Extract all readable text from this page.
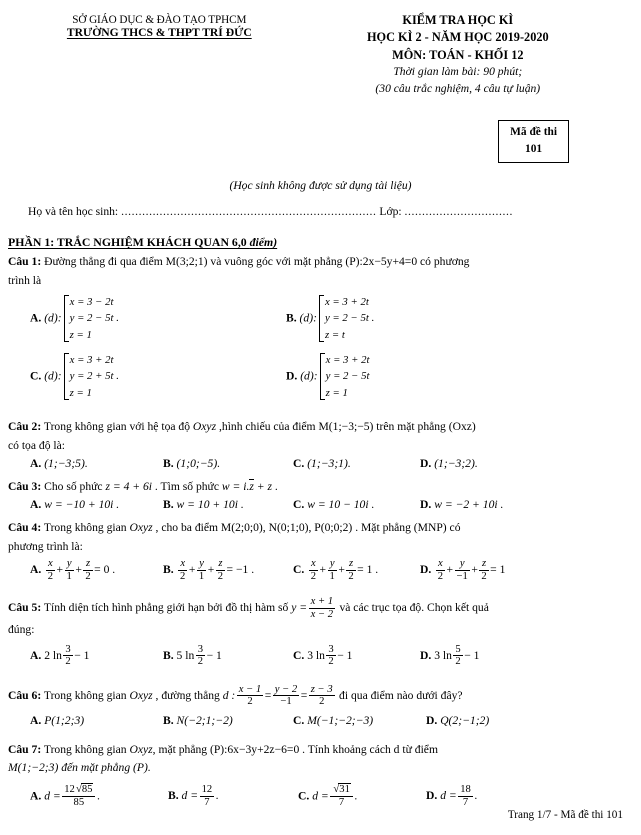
SỞ GIÁO DỤC & ĐÀO TẠO TPHCM
TRƯỜNG THCS & THPT TRÍ ĐỨC
KIỂM TRA HỌC KÌ
HỌC KÌ 2 - NĂM HỌC 2019-2020
MÔN: TOÁN - KHỐI 12
Thời gian làm bài: 90 phút;
(30 câu trắc nghiệm, 4 câu tự luận)
Mã đề thi
101
(Học sinh không được sử dụng tài liệu)
Họ và tên học sinh: ......................................................................... Lớp: ...............................
PHẦN 1: TRẮC NGHIỆM KHÁCH QUAN 6,0 điểm)
Câu 1: Đường thẳng đi qua điểm M(3;2;1) và vuông góc với mặt phẳng (P):2x−5y+4=0 có phương
trình là
A. (d):
x = 3 − 2t
y = 2 − 5t .
z = 1
B. (d):
x = 3 + 2t
y = 2 − 5t .
z = t
C. (d):
x = 3 + 2t
y = 2 + 5t .
z = 1
D. (d):
x = 3 + 2t
y = 2 − 5t
z = 1
Câu 2: Trong không gian với hệ tọa độ Oxyz ,hình chiếu của điểm M(1;−3;−5) trên mặt phẳng (Oxz)
có tọa độ là:
A. (1;−3;5).	B. (1;0;−5).	C. (1;−3;1).	D. (1;−3;2).
Câu 3: Cho số phức z = 4 + 6i . Tìm số phức w = i.z + z .
A. w = −10 + 10i .	B. w = 10 + 10i .	C. w = 10 − 10i .	D. w = −2 + 10i .
Câu 4: Trong không gian Oxyz , cho ba điểm M(2;0;0), N(0;1;0), P(0;0;2) . Mặt phẳng (MNP) có
phương trình là:
A. $\frac{x}{2} + \frac{y}{1} + \frac{z}{2} = 0$ .	B. $\frac{x}{2} + \frac{y}{1} + \frac{z}{2} = -1$ .	C. $\frac{x}{2} + \frac{y}{1} + \frac{z}{2} = 1$ .	D. $\frac{x}{2} + \frac{y}{-1} + \frac{z}{2} = 1$
Câu 5: Tính diện tích hình phẳng giới hạn bởi đồ thị hàm số $y = \frac{x + 1}{x - 2}$ và các trục tọa độ. Chọn kết quả
đúng:
A. 2 $\ln \frac{3}{2} - 1$	B. 5 $\ln \frac{3}{2} - 1$	C. 3 $\ln \frac{3}{2} - 1$	D. 3 $\ln \frac{5}{2} - 1$
Câu 6: Trong không gian Oxyz , đường thẳng d : $\frac{x - 1}{2} = \frac{y - 2}{-1} = \frac{z - 3}{2}$ đi qua điểm nào dưới đây?
A. P(1;2;3)	B. N(−2;1;−2)	C. M(−1;−2;−3)	D. Q(2;−1;2)
Câu 7: Trong không gian Oxyz, mặt phẳng (P):6x−3y+2z−6=0 . Tính khoảng cách d từ điểm
M(1;−2;3) đến mặt phẳng (P).
A. $d = \frac{12√85}{85}$ .	B. $d = \frac{12}{7}$ .	C. $d = \frac{√31}{7}$ .	D. $d = \frac{18}{7}$ .
Trang 1/7 - Mã đề thi 101
